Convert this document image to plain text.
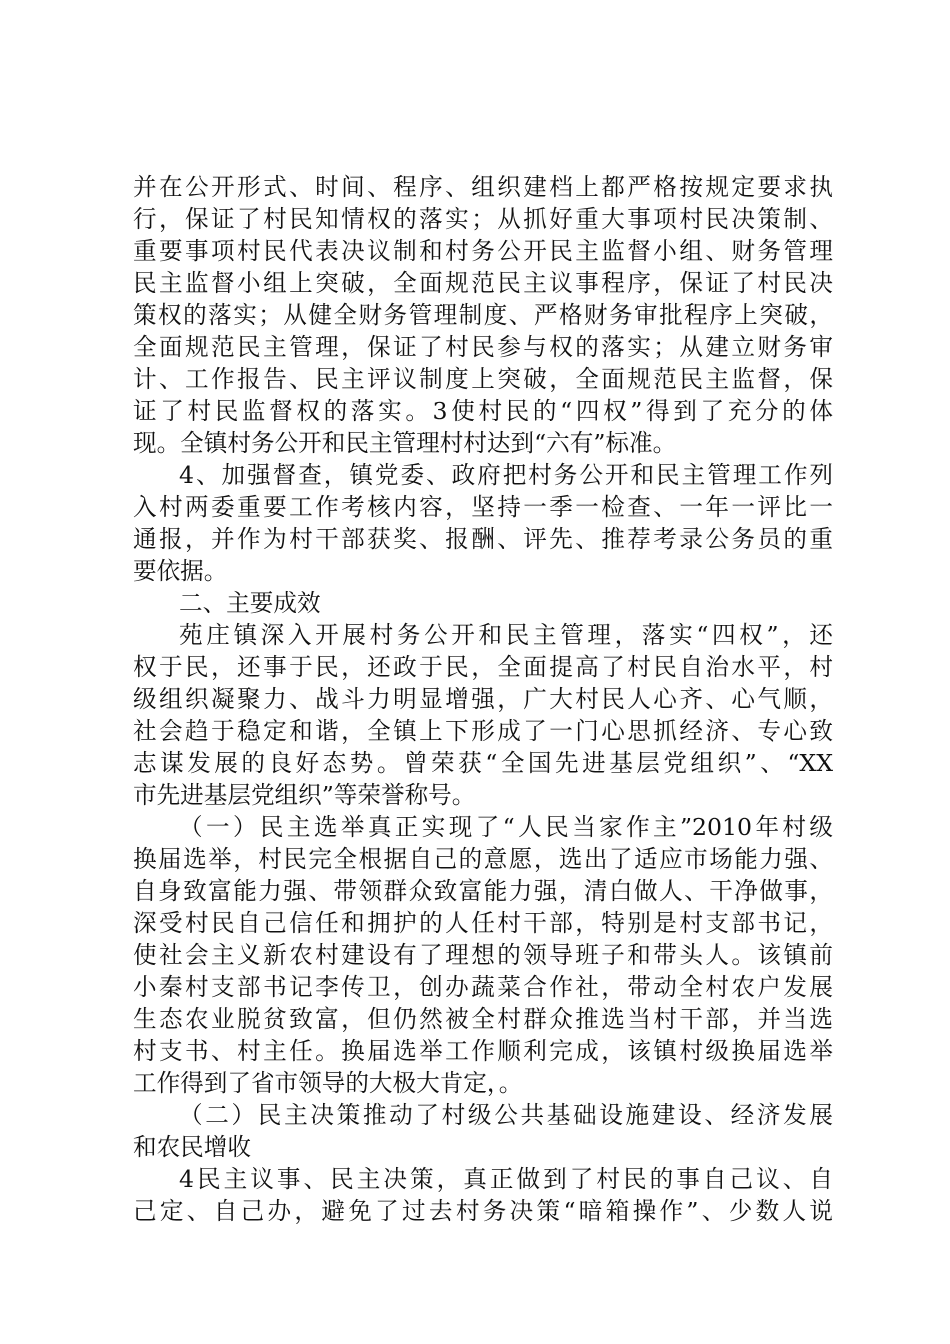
并在公开形式、时间、程序、组织建档上都严格按规定要求执
行，保证了村民知情权的落实；从抓好重大事项村民决策制、
重要事项村民代表决议制和村务公开民主监督小组、财务管理
民主监督小组上突破，全面规范民主议事程序，保证了村民决
策权的落实；从健全财务管理制度、严格财务审批程序上突破，
全面规范民主管理，保证了村民参与权的落实；从建立财务审
计、工作报告、民主评议制度上突破，全面规范民主监督，保
证了村民监督权的落实。3使村民的“四权”得到了充分的体
现。全镇村务公开和民主管理村村达到“六有”标准。
4、加强督查，镇党委、政府把村务公开和民主管理工作列
入村两委重要工作考核内容，坚持一季一检查、一年一评比一
通报，并作为村干部获奖、报酬、评先、推荐考录公务员的重
要依据。
二、主要成效
苑庄镇深入开展村务公开和民主管理，落实“四权”，还
权于民，还事于民，还政于民，全面提高了村民自治水平，村
级组织凝聚力、战斗力明显增强，广大村民人心齐、心气顺，
社会趋于稳定和谐，全镇上下形成了一门心思抓经济、专心致
志谋发展的良好态势。曾荣获“全国先进基层党组织”、“XX
市先进基层党组织”等荣誉称号。
（一）民主选举真正实现了“人民当家作主”2010年村级
换届选举，村民完全根据自己的意愿，选出了适应市场能力强、
自身致富能力强、带领群众致富能力强，清白做人、干净做事，
深受村民自己信任和拥护的人任村干部，特别是村支部书记，
使社会主义新农村建设有了理想的领导班子和带头人。该镇前
小秦村支部书记李传卫，创办蔬菜合作社，带动全村农户发展
生态农业脱贫致富，但仍然被全村群众推选当村干部，并当选
村支书、村主任。换届选举工作顺利完成，该镇村级换届选举
工作得到了省市领导的大极大肯定，。
（二）民主决策推动了村级公共基础设施建设、经济发展
和农民增收
4民主议事、民主决策，真正做到了村民的事自己议、自
己定、自己办，避免了过去村务决策“暗箱操作”、少数人说
